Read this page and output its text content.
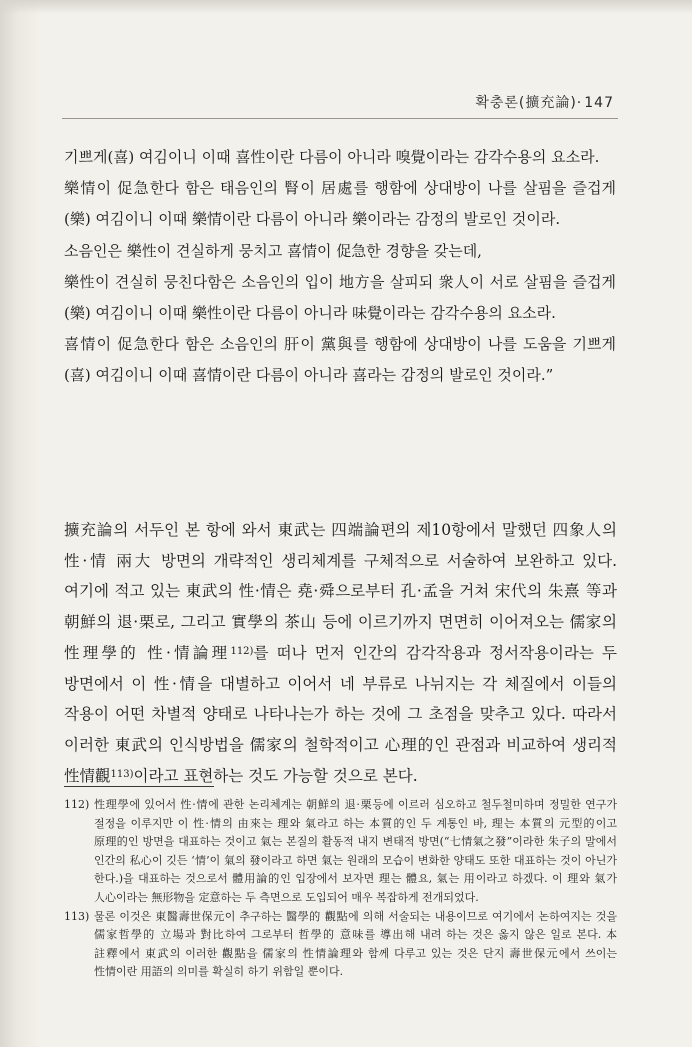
확충론(擴充論)· 147

기쁘게(喜) 여김이니 이때 喜性이란 다름이 아니라 嗅覺이라는 감각수용의 요소라.

樂情이 促急한다 함은 태음인의 腎이 居處를 행함에 상대방이 나를 살핌을 즐겁게(樂) 여김이니 이때 樂情이란 다름이 아니라 樂이라는 감정의 발로인 것이라.

소음인은 樂性이 견실하게 뭉치고 喜情이 促急한 경향을 갖는데,

樂性이 견실히 뭉친다함은 소음인의 입이 地方을 살피되 衆人이 서로 살핌을 즐겁게(樂) 여김이니 이때 樂性이란 다름이 아니라 味覺이라는 감각수용의 요소라.

喜情이 促急한다 함은 소음인의 肝이 黨與를 행함에 상대방이 나를 도움을 기쁘게(喜) 여김이니 이때 喜情이란 다름이 아니라 喜라는 감정의 발로인 것이라.”

擴充論의 서두인 본 항에 와서 東武는 四端論편의 제10항에서 말했던 四象人의 性·情 兩大 방면의 개략적인 생리체계를 구체적으로 서술하여 보완하고 있다. 여기에 적고 있는 東武의 性·情은 堯·舜으로부터 孔·孟을 거쳐 宋代의 朱熹 等과 朝鮮의 退·栗로, 그리고 實學의 茶山 등에 이르기까지 면면히 이어져오는 儒家의 性理學的 性·情論理$^{112)}$를 떠나 먼저 인간의 감각작용과 정서작용이라는 두 방면에서 이 性·情을 대별하고 이어서 네 부류로 나뉘지는 각 체질에서 이들의 작용이 어떤 차별적 양태로 나타나는가 하는 것에 그 초점을 맞추고 있다. 따라서 이러한 東武의 인식방법을 儒家의 철학적이고 心理的인 관점과 비교하여 생리적 性情觀$^{113)}$이라고 표현하는 것도 가능할 것으로 본다.

112) 性理學에 있어서 性·情에 관한 논리체계는 朝鮮의 退·栗등에 이르러 심오하고 철두철미하며 정밀한 연구가 절정을 이루지만 이 性·情의 由來는 理와 氣라고 하는 本質的인 두 계통인 바, 理는 本質의 元型的이고 原理的인 방면을 대표하는 것이고 氣는 본질의 활동적 내지 변태적 방면(“七情氣之發”이라한 朱子의 말에서 인간의 私心이 깃든 ‘情’이 氣의 發이라고 하면 氣는 원래의 모습이 변화한 양태도 또한 대표하는 것이 아닌가 한다.)을 대표하는 것으로서 體用論的인 입장에서 보자면 理는 體요, 氣는 用이라고 하겠다. 이 理와 氣가 人心이라는 無形物을 定意하는 두 측면으로 도입되어 매우 복잡하게 전개되었다.
113) 물론 이것은 東醫壽世保元이 추구하는 醫學的 觀點에 의해 서술되는 내용이므로 여기에서 논하여지는 것을 儒家哲學的 立場과 對比하여 그로부터 哲學的 意味를 導出해 내려 하는 것은 옳지 않은 일로 본다. 本 註釋에서 東武의 이러한 觀點을 儒家의 性情論理와 함께 다루고 있는 것은 단지 壽世保元에서 쓰이는 性情이란 用語의 의미를 확실히 하기 위함일 뿐이다.
